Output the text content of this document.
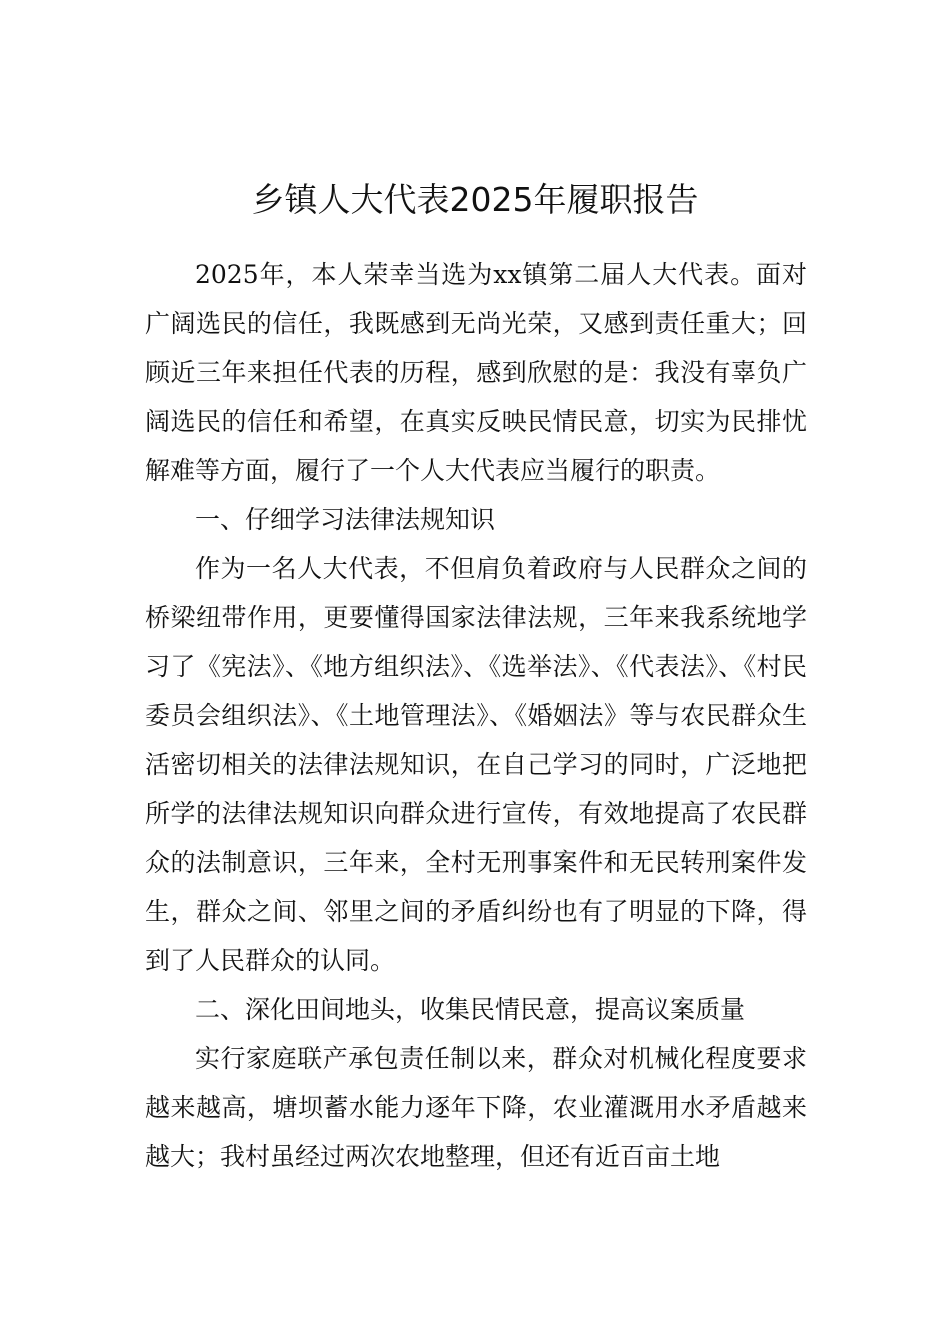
乡镇人大代表2025年履职报告

2025年，本人荣幸当选为xx镇第二届人大代表。面对广阔选民的信任，我既感到无尚光荣，又感到责任重大；回顾近三年来担任代表的历程，感到欣慰的是：我没有辜负广阔选民的信任和希望，在真实反映民情民意，切实为民排忧解难等方面，履行了一个人大代表应当履行的职责。

一、仔细学习法律法规知识

作为一名人大代表，不但肩负着政府与人民群众之间的桥梁纽带作用，更要懂得国家法律法规，三年来我系统地学习了《宪法》、《地方组织法》、《选举法》、《代表法》、《村民委员会组织法》、《土地管理法》、《婚姻法》等与农民群众生活密切相关的法律法规知识，在自己学习的同时，广泛地把所学的法律法规知识向群众进行宣传，有效地提高了农民群众的法制意识，三年来，全村无刑事案件和无民转刑案件发生，群众之间、邻里之间的矛盾纠纷也有了明显的下降，得到了人民群众的认同。

二、深化田间地头，收集民情民意，提高议案质量

实行家庭联产承包责任制以来，群众对机械化程度要求越来越高，塘坝蓄水能力逐年下降，农业灌溉用水矛盾越来越大；我村虽经过两次农地整理，但还有近百亩土地
